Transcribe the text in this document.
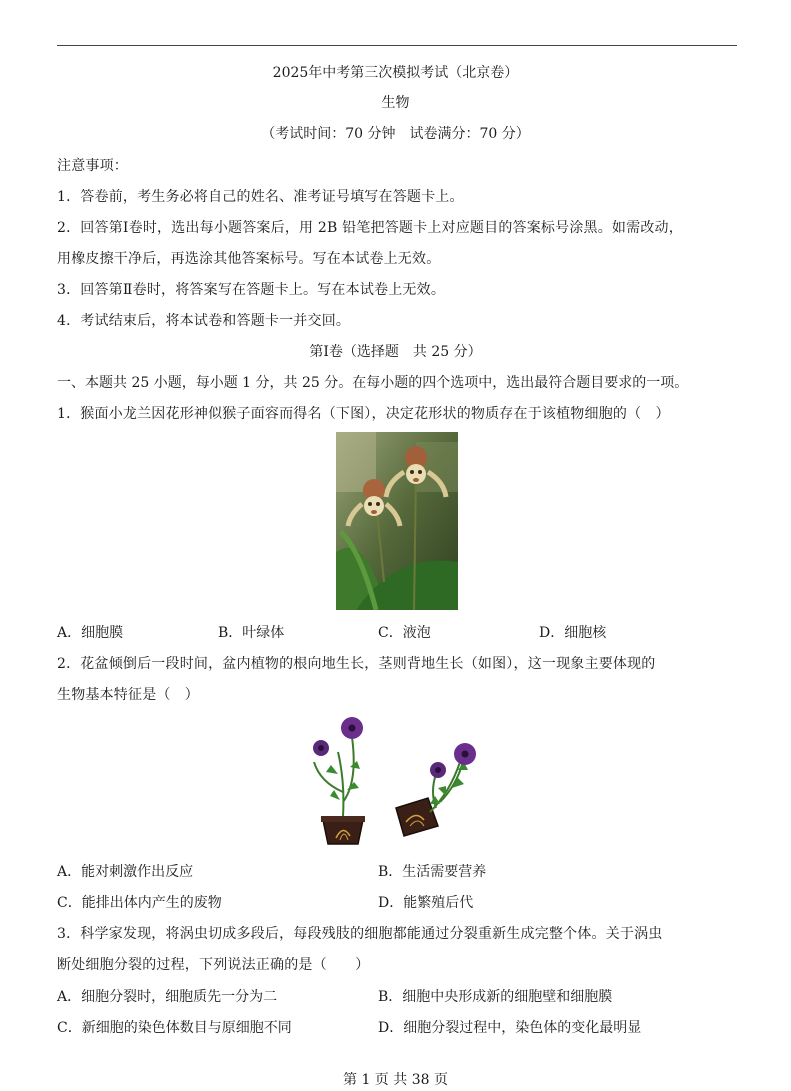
2025年中考第三次模拟考试（北京卷）
生物
（考试时间：70 分钟　试卷满分：70 分）
注意事项：
1．答卷前，考生务必将自己的姓名、准考证号填写在答题卡上。
2．回答第Ⅰ卷时，选出每小题答案后，用 2B 铅笔把答题卡上对应题目的答案标号涂黑。如需改动，
用橡皮擦干净后，再选涂其他答案标号。写在本试卷上无效。
3．回答第Ⅱ卷时，将答案写在答题卡上。写在本试卷上无效。
4．考试结束后，将本试卷和答题卡一并交回。
第Ⅰ卷（选择题　共 25 分）
一、本题共 25 小题，每小题 1 分，共 25 分。在每小题的四个选项中，选出最符合题目要求的一项。
1．猴面小龙兰因花形神似猴子面容而得名（下图），决定花形状的物质存在于该植物细胞的（　）
A．细胞膜	B．叶绿体	C．液泡	D．细胞核
2．花盆倾倒后一段时间，盆内植物的根向地生长，茎则背地生长（如图），这一现象主要体现的
生物基本特征是（　）
A．能对刺激作出反应	B．生活需要营养
C．能排出体内产生的废物	D．能繁殖后代
3．科学家发现，将涡虫切成多段后，每段残肢的细胞都能通过分裂重新生成完整个体。关于涡虫
断处细胞分裂的过程，下列说法正确的是（　　）
A．细胞分裂时，细胞质先一分为二	B．细胞中央形成新的细胞壁和细胞膜
C．新细胞的染色体数目与原细胞不同	D．细胞分裂过程中，染色体的变化最明显
第 1 页 共 38 页
